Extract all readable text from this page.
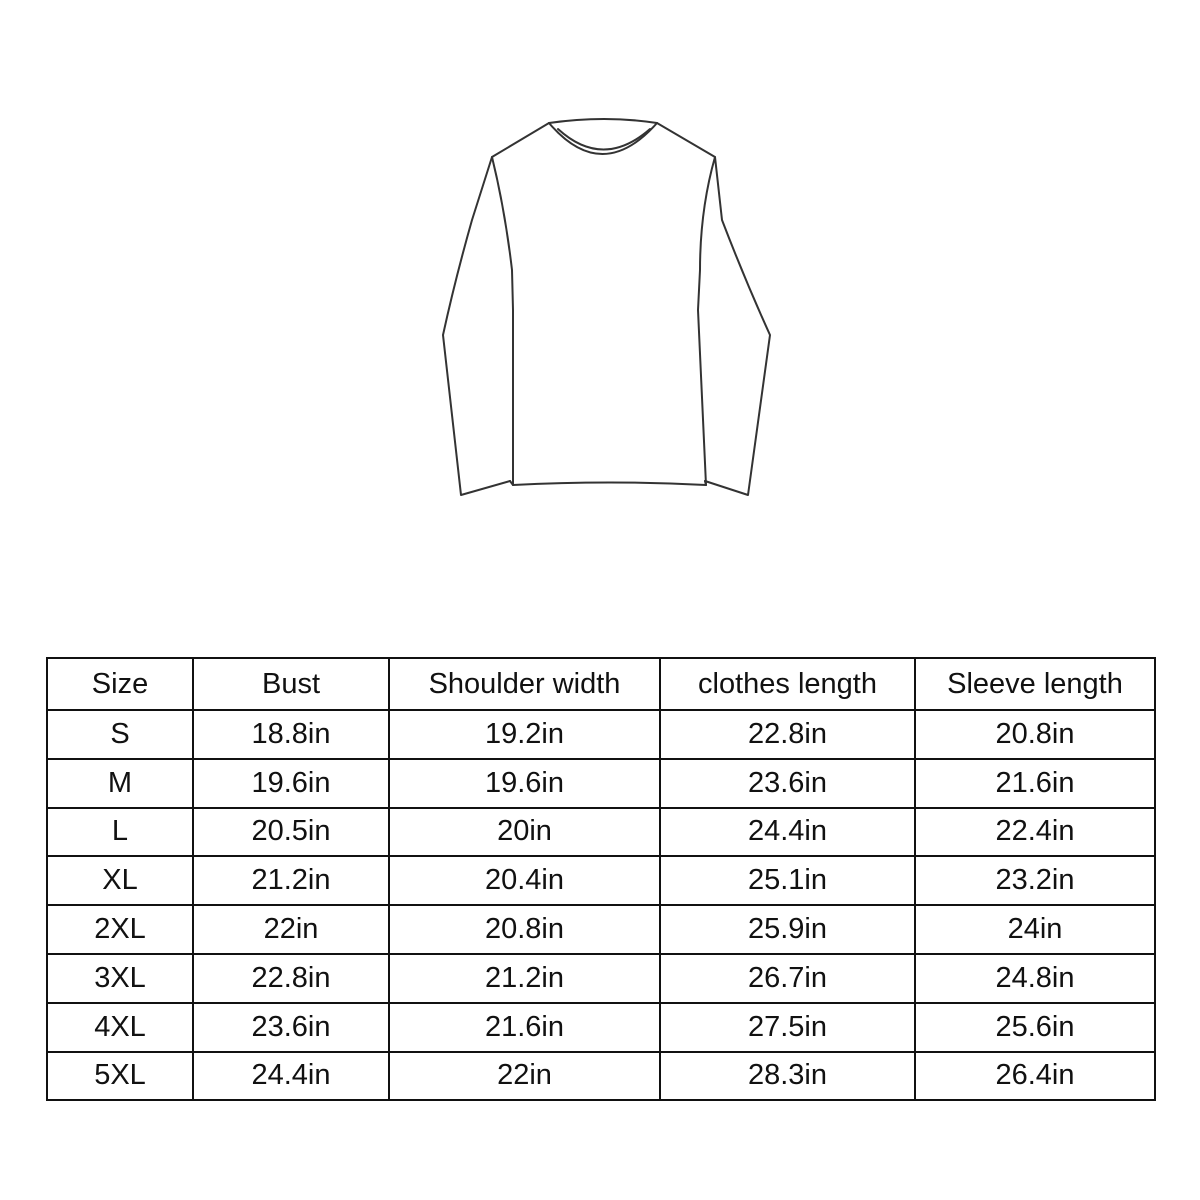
Size	Bust	Shoulder width	clothes length	Sleeve length
S	18.8in	19.2in	22.8in	20.8in
M	19.6in	19.6in	23.6in	21.6in
L	20.5in	20in	24.4in	22.4in
XL	21.2in	20.4in	25.1in	23.2in
2XL	22in	20.8in	25.9in	24in
3XL	22.8in	21.2in	26.7in	24.8in
4XL	23.6in	21.6in	27.5in	25.6in
5XL	24.4in	22in	28.3in	26.4in
